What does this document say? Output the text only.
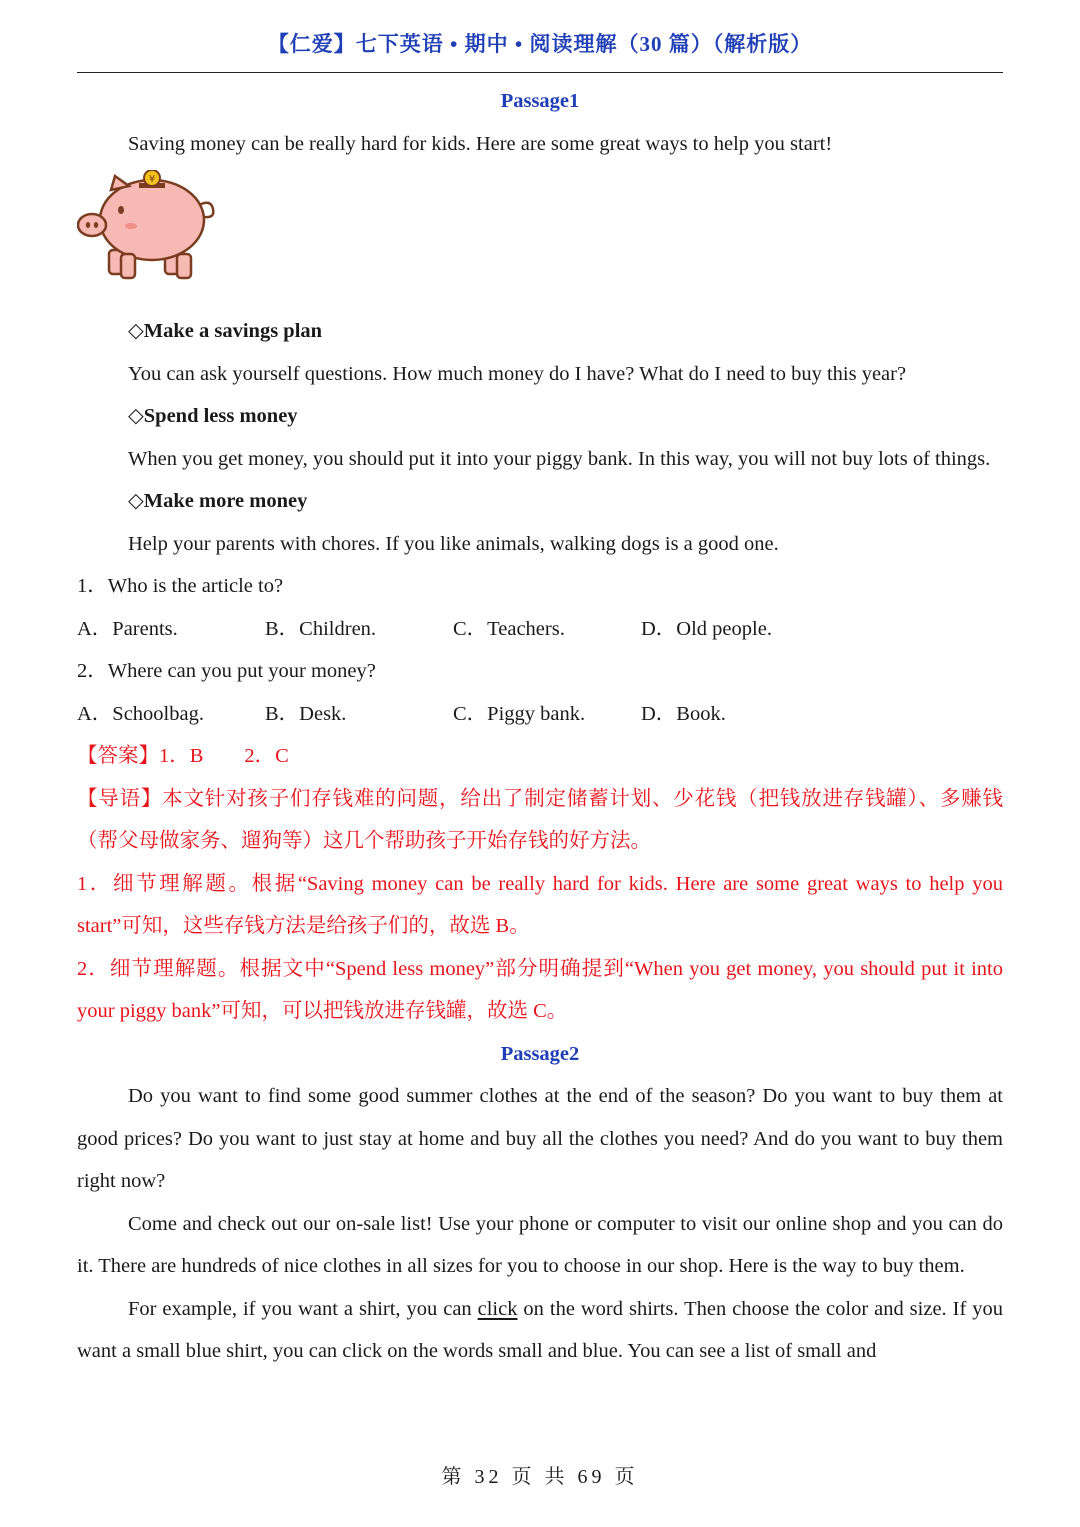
【仁爱】七下英语 • 期中 • 阅读理解（30 篇）（解析版）
Passage1
Saving money can be really hard for kids. Here are some great ways to help you start!
¥
◇Make a savings plan
You can ask yourself questions. How much money do I have? What do I need to buy this year?
◇Spend less money
When you get money, you should put it into your piggy bank. In this way, you will not buy lots of things.
◇Make more money
Help your parents with chores. If you like animals, walking dogs is a good one.
1．Who is the article to?
A．Parents.	B．Children.	C．Teachers.	D．Old people.
2．Where can you put your money?
A．Schoolbag.	B．Desk.	C．Piggy bank.	D．Book.
【答案】1．B　　2．C
【导语】本文针对孩子们存钱难的问题，给出了制定储蓄计划、少花钱（把钱放进存钱罐）、多赚钱（帮父母做家务、遛狗等）这几个帮助孩子开始存钱的好方法。
1．细节理解题。根据“Saving money can be really hard for kids. Here are some great ways to help you start”可知，这些存钱方法是给孩子们的，故选 B。
2．细节理解题。根据文中“Spend less money”部分明确提到“When you get money, you should put it into your piggy bank”可知，可以把钱放进存钱罐，故选 C。
Passage2
Do you want to find some good summer clothes at the end of the season? Do you want to buy them at good prices? Do you want to just stay at home and buy all the clothes you need? And do you want to buy them right now?
Come and check out our on-sale list! Use your phone or computer to visit our online shop and you can do it. There are hundreds of nice clothes in all sizes for you to choose in our shop. Here is the way to buy them.
For example, if you want a shirt, you can click on the word shirts. Then choose the color and size. If you want a small blue shirt, you can click on the words small and blue. You can see a list of small and
第 32 页 共 69 页
